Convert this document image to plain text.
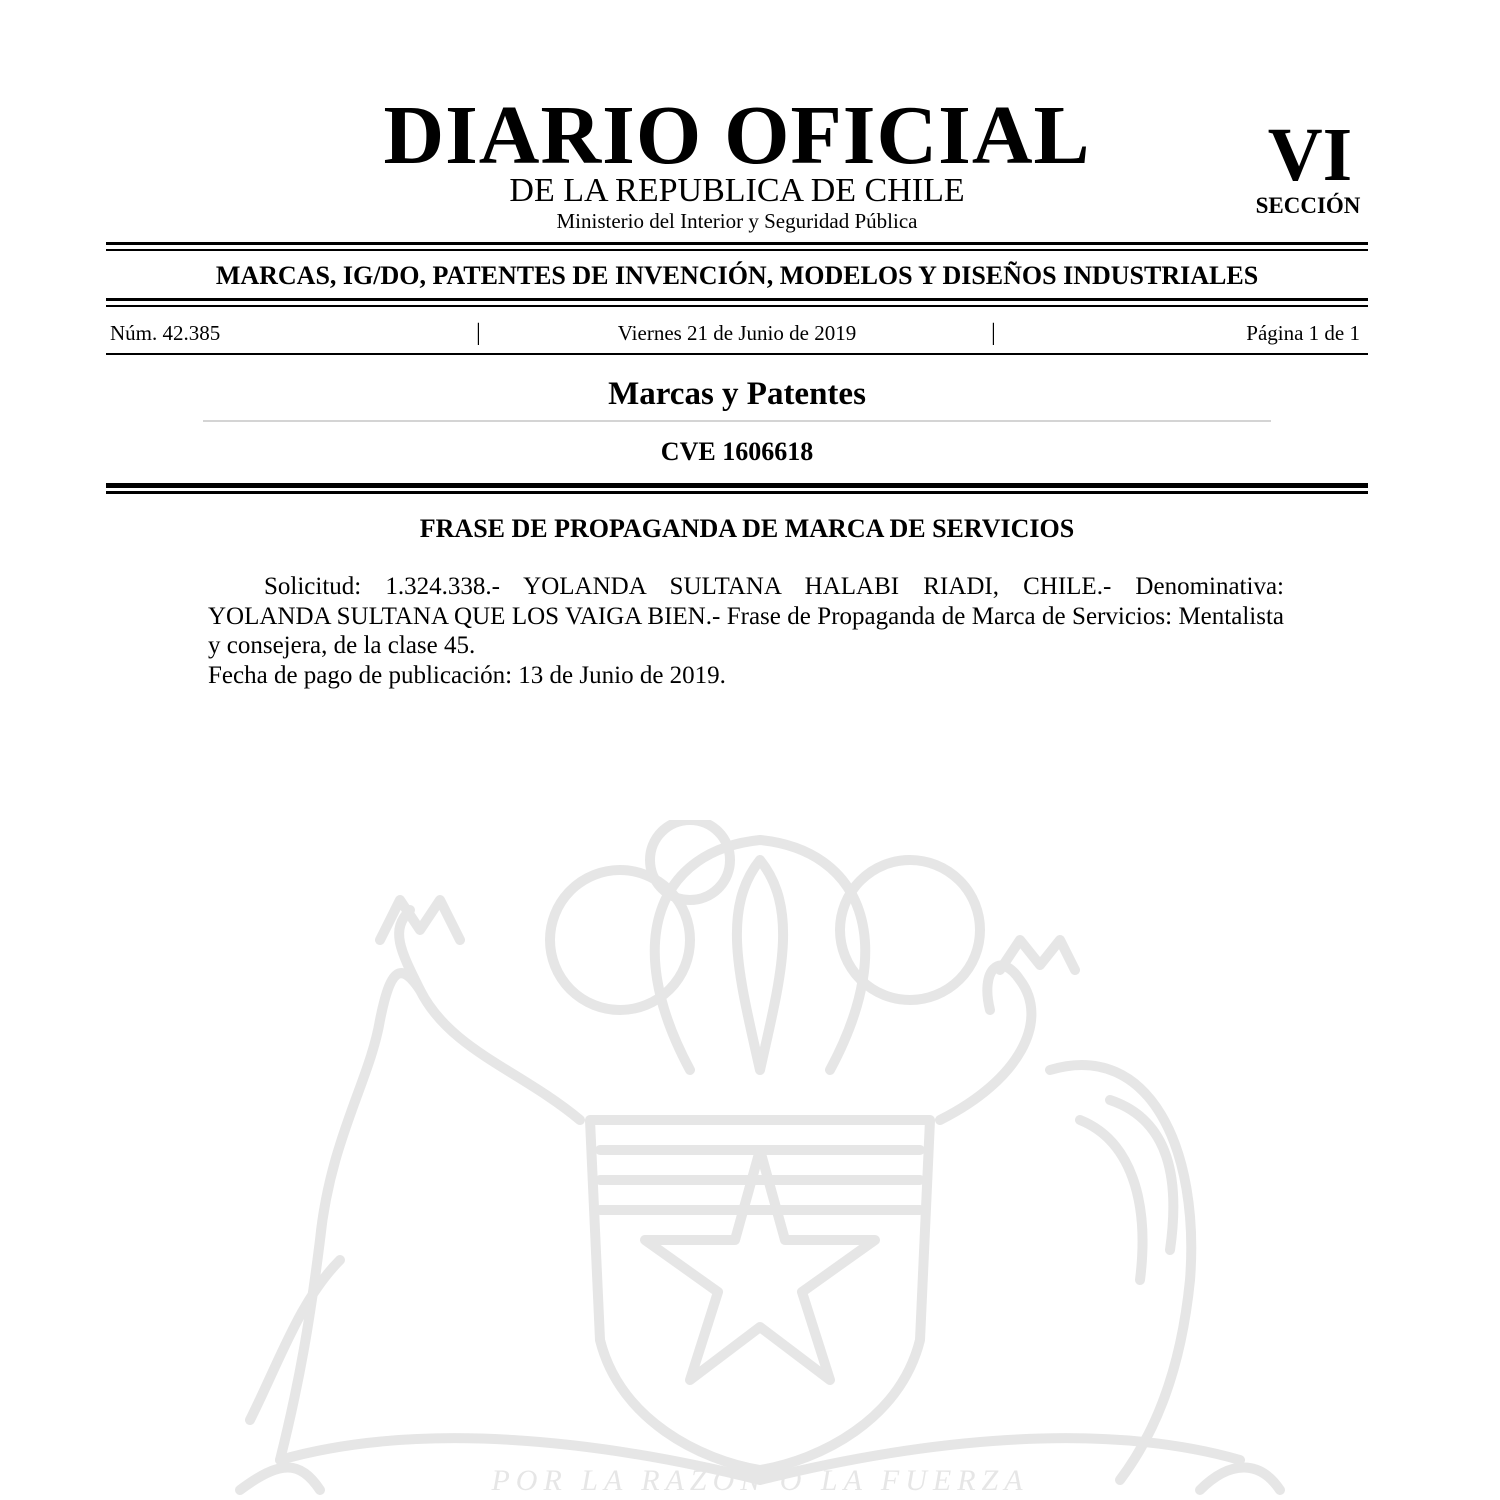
POR LA RAZÓN O LA FUERZA
DIARIO OFICIAL
DE LA REPUBLICA DE CHILE
Ministerio del Interior y Seguridad Pública
VI
SECCIÓN
MARCAS, IG/DO, PATENTES DE INVENCIÓN, MODELOS Y DISEÑOS INDUSTRIALES
Núm. 42.385	|	Viernes 21 de Junio de 2019	|	Página 1 de 1
Marcas y Patentes
CVE 1606618
FRASE DE PROPAGANDA DE MARCA DE SERVICIOS

Solicitud: 1.324.338.- YOLANDA SULTANA HALABI RIADI, CHILE.- Denominativa: YOLANDA SULTANA QUE LOS VAIGA BIEN.- Frase de Propaganda de Marca de Servicios: Mentalista y consejera, de la clase 45.

Fecha de pago de publicación: 13 de Junio de 2019.
